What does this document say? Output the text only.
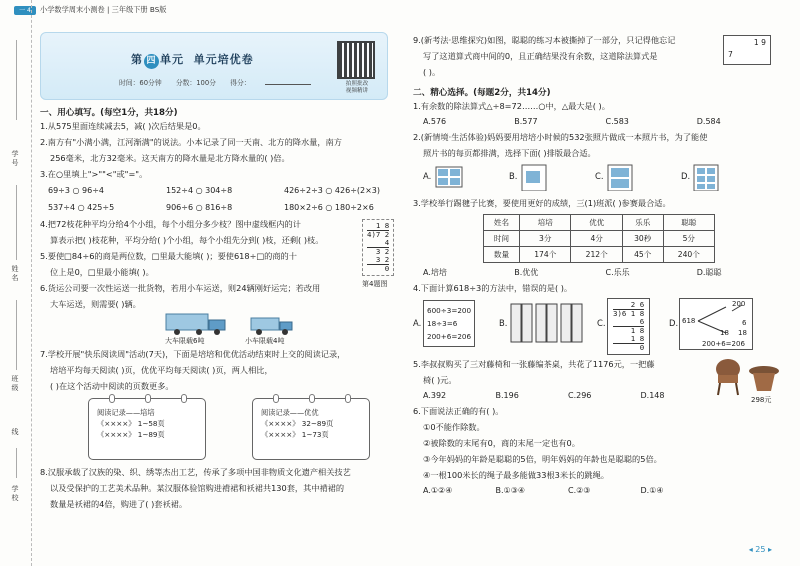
一 4	小学数学周末小测卷 | 三年级下册 BS版
学号
姓名
班级
线
学校
第 四 单元 单元培优卷
时间：60分钟 分数：100分 得分：	拍照批改
视频精讲
一、用心填写。(每空1分，共18分)
1.从575里面连续减去5，减( )次后结果是0。
2.南方有"小满小满，江河渐满"的说法。小本记录了同一天南、北方的降水量，南方
256毫米，北方32毫米。这天南方的降水量是北方降水量的( )倍。
3.在○里填上">""<"或"="。
69÷3 ○ 96÷4	152÷4 ○ 304÷8	426÷2÷3 ○ 426÷(2×3)
537÷4 ○ 425÷5	906÷6 ○ 816÷8	180×2÷6 ○ 180÷2×6
4.把72枝花种平均分给4个小组，每个小组分多少枝？图中虚线框内的计
算表示把( )枝花种，平均分给( )个小组，每个小组先分到( )枝，还剩( )枝。
5.要使□84÷6的商是两位数，□里最大能填( )；要使618÷□的商的十
位上是0，□里最小能填( )。
1 8
4)7 2
4
3 2
3 2
0
第4题图
6.货运公司要一次性运送一批货物，若用小车运送，则24辆刚好运完；若改用
大车运送，则需要( )辆。
大车限载6吨	小车限载4吨
7.学校开展"快乐阅读周"活动(7天)，下面是培培和优优活动结束时上交的阅读记录，
培培平均每天阅读( )页，优优平均每天阅读( )页，两人相比，
( )在这个活动中阅读的页数更多。
阅读记录——培培
《××××》 1~58页
《××××》 1~89页
阅读记录——优优
《××××》 32~89页
《××××》 1~73页
8.汉服承载了汉族的染、织、绣等杰出工艺，传承了多项中国非物质文化遗产相关技艺
以及受保护的工艺美术品种。某汉服体验馆购进褙裙和袄裙共130套，其中褙裙的
数量是袄裙的4倍，购进了( )套袄裙。
9.(新考法·思维探究)如图，聪聪的练习本被撕掉了一部分，只记得他忘记
写了这道算式商中间的0，且正确结果没有余数，这道除法算式是
( )。
1 9
7
二、精心选择。(每题2分，共14分)
1.有余数的除法算式△÷8=72……○中，△最大是( )。
A.576	B.577	C.583	D.584
2.(新情境·生活体验)妈妈要用培培小时候的532张照片做成一本照片书，为了能使
照片书的每页都排满，选择下面( )排版最合适。
A.	B.	C.	D.
3.学校举行踢毽子比赛，要使用更好的成绩，三(1)班派( )参赛最合适。
姓名	培培	优优	乐乐	聪聪
时间	3分	4分	30秒	5分
数量	174个	212个	45个	240个
A.培培	B.优优	C.乐乐	D.聪聪
4.下面计算618÷3的方法中，错误的是( )。
A.
600÷3=200
18÷3=6
200+6=206
B.	C.
2 6
3)6 1 8
6
1 8
1 8
0
D.
200
6
618
18 18
200+6=206
5.李叔叔购买了三对藤椅和一张藤编茶桌，共花了1176元，一把藤
椅( )元。
A.392	B.196	C.296	D.148	298元
6.下面说法正确的有( )。
①0不能作除数。
②被除数的末尾有0，商的末尾一定也有0。
③今年妈妈的年龄是聪聪的5倍，明年妈妈的年龄也是聪聪的5倍。
④一根100米长的绳子最多能做33根3米长的跳绳。
A.①②④	B.①③④	C.②③	D.①④
◂ 25 ▸
